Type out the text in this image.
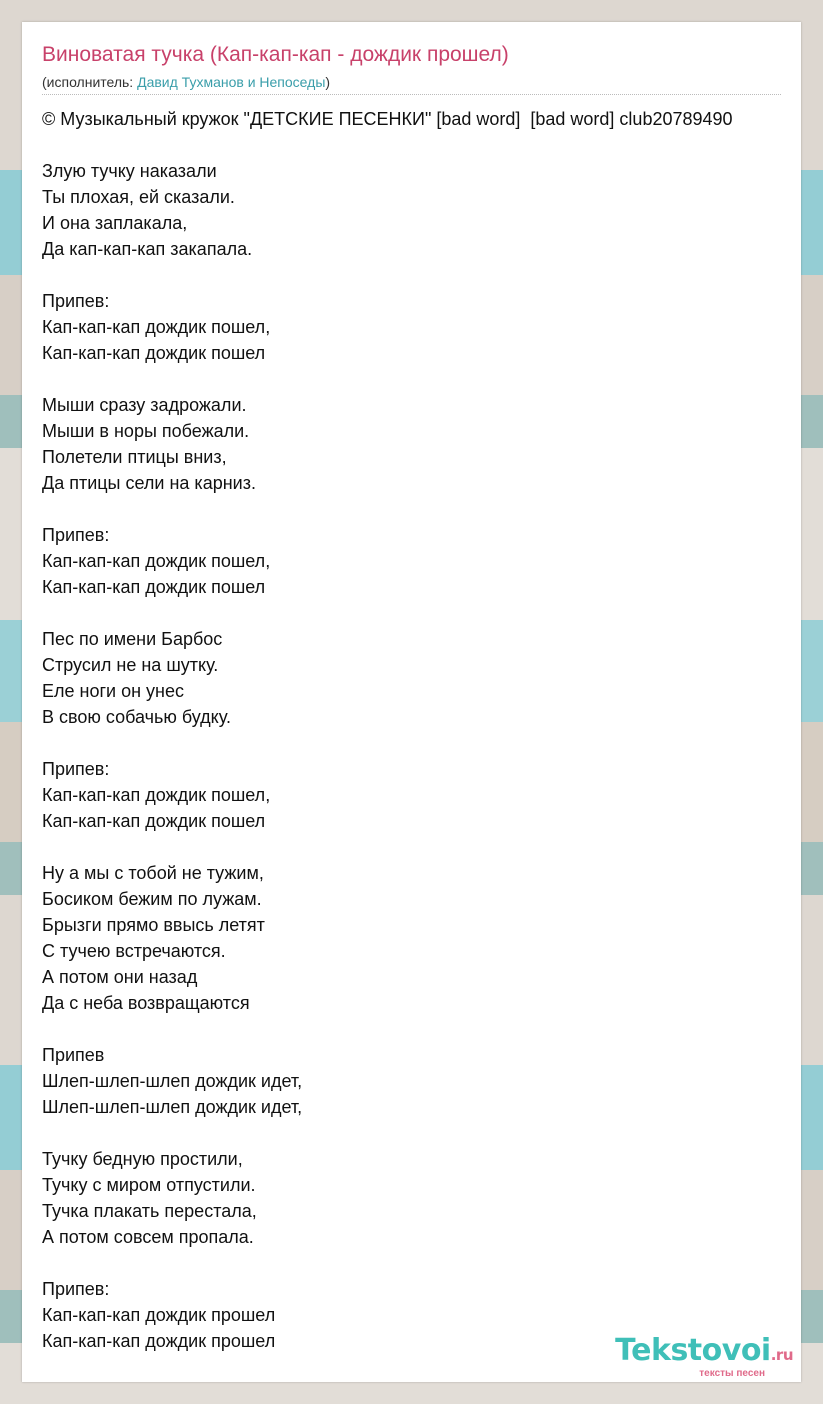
Виноватая тучка (Кап-кап-кап - дождик прошел)
(исполнитель: Давид Тухманов и Непоседы)
© Музыкальный кружок "ДЕТСКИЕ ПЕСЕНКИ" [bad word]  [bad word] club20789490

Злую тучку наказали
Ты плохая, ей сказали.
И она заплакала,
Да кап-кап-кап закапала.

Припев:
Кап-кап-кап дождик пошел,
Кап-кап-кап дождик пошел

Мыши сразу задрожали.
Мыши в норы побежали.
Полетели птицы вниз,
Да птицы сели на карниз.

Припев:
Кап-кап-кап дождик пошел,
Кап-кап-кап дождик пошел

Пес по имени Барбос
Струсил не на шутку.
Еле ноги он унес
В свою собачью будку.

Припев:
Кап-кап-кап дождик пошел,
Кап-кап-кап дождик пошел

Ну а мы с тобой не тужим,
Босиком бежим по лужам.
Брызги прямо ввысь летят
С тучею встречаются.
А потом они назад
Да с неба возвращаются

Припев
Шлеп-шлеп-шлеп дождик идет,
Шлеп-шлеп-шлеп дождик идет,

Тучку бедную простили,
Тучку с миром отпустили.
Тучка плакать перестала,
А потом совсем пропала.

Припев:
Кап-кап-кап дождик прошел
Кап-кап-кап дождик прошел	Tekstovoi.ru
тексты песен
